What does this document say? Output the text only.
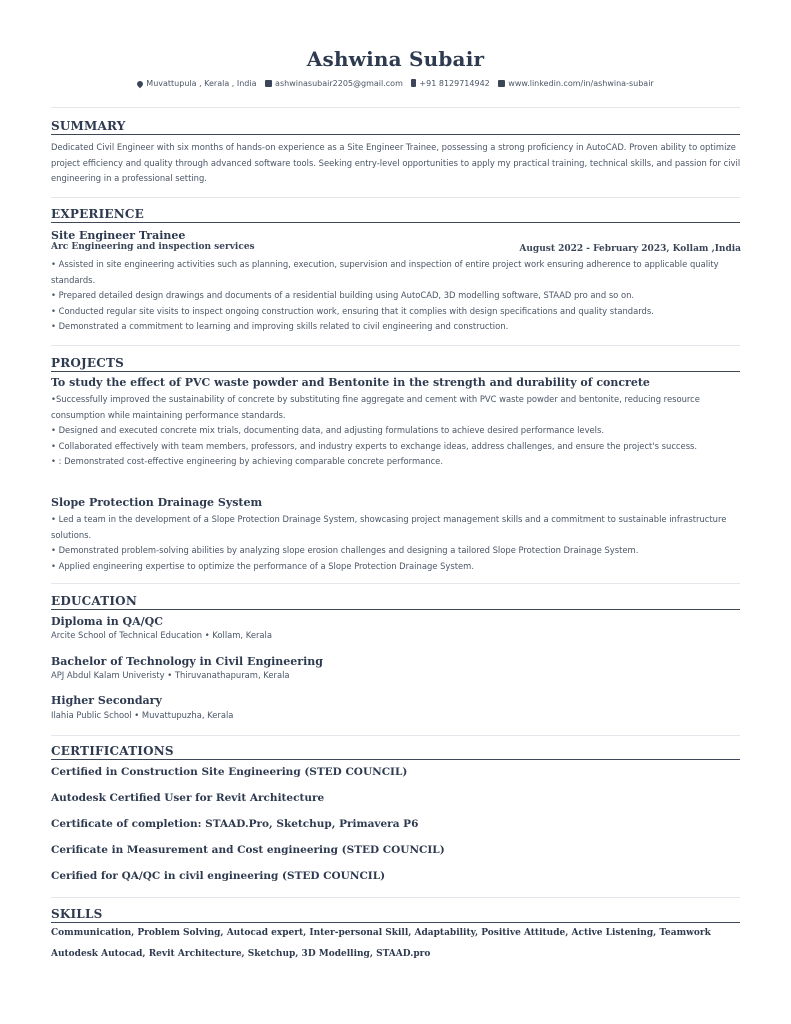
Ashwina Subair
Muvattupula , Kerala , India ashwinasubair2205@gmail.com +91 8129714942 www.linkedin.com/in/ashwina-subair
SUMMARY
Dedicated Civil Engineer with six months of hands-on experience as a Site Engineer Trainee, possessing a strong proficiency in AutoCAD. Proven ability to optimize project efficiency and quality through advanced software tools. Seeking entry-level opportunities to apply my practical training, technical skills, and passion for civil engineering in a professional setting.
EXPERIENCE
Site Engineer Trainee
Arc Engineering and inspection services	August 2022 - February 2023, Kollam ,India
• Assisted in site engineering activities such as planning, execution, supervision and inspection of entire project work ensuring adherence to applicable quality standards.
• Prepared detailed design drawings and documents of a residential building using AutoCAD, 3D modelling software, STAAD pro and so on.
• Conducted regular site visits to inspect ongoing construction work, ensuring that it complies with design specifications and quality standards.
• Demonstrated a commitment to learning and improving skills related to civil engineering and construction.
PROJECTS
To study the effect of PVC waste powder and Bentonite in the strength and durability of concrete
•Successfully improved the sustainability of concrete by substituting fine aggregate and cement with PVC waste powder and bentonite, reducing resource consumption while maintaining performance standards.
• Designed and executed concrete mix trials, documenting data, and adjusting formulations to achieve desired performance levels.
• Collaborated effectively with team members, professors, and industry experts to exchange ideas, address challenges, and ensure the project's success.
• : Demonstrated cost-effective engineering by achieving comparable concrete performance.
Slope Protection Drainage System
• Led a team in the development of a Slope Protection Drainage System, showcasing project management skills and a commitment to sustainable infrastructure solutions.
• Demonstrated problem-solving abilities by analyzing slope erosion challenges and designing a tailored Slope Protection Drainage System.
• Applied engineering expertise to optimize the performance of a Slope Protection Drainage System.
EDUCATION
Diploma in QA/QC
Arcite School of Technical Education • Kollam, Kerala
Bachelor of Technology in Civil Engineering
APJ Abdul Kalam Univeristy • Thiruvanathapuram, Kerala
Higher Secondary
Ilahia Public School • Muvattupuzha, Kerala
CERTIFICATIONS
Certified in Construction Site Engineering (STED COUNCIL)
Autodesk Certified User for Revit Architecture
Certificate of completion: STAAD.Pro, Sketchup, Primavera P6
Cerificate in Measurement and Cost engineering (STED COUNCIL)
Cerified for QA/QC in civil engineering (STED COUNCIL)
SKILLS
Communication, Problem Solving, Autocad expert, Inter-personal Skill, Adaptability, Positive Attitude, Active Listening, Teamwork
Autodesk Autocad, Revit Architecture, Sketchup, 3D Modelling, STAAD.pro
